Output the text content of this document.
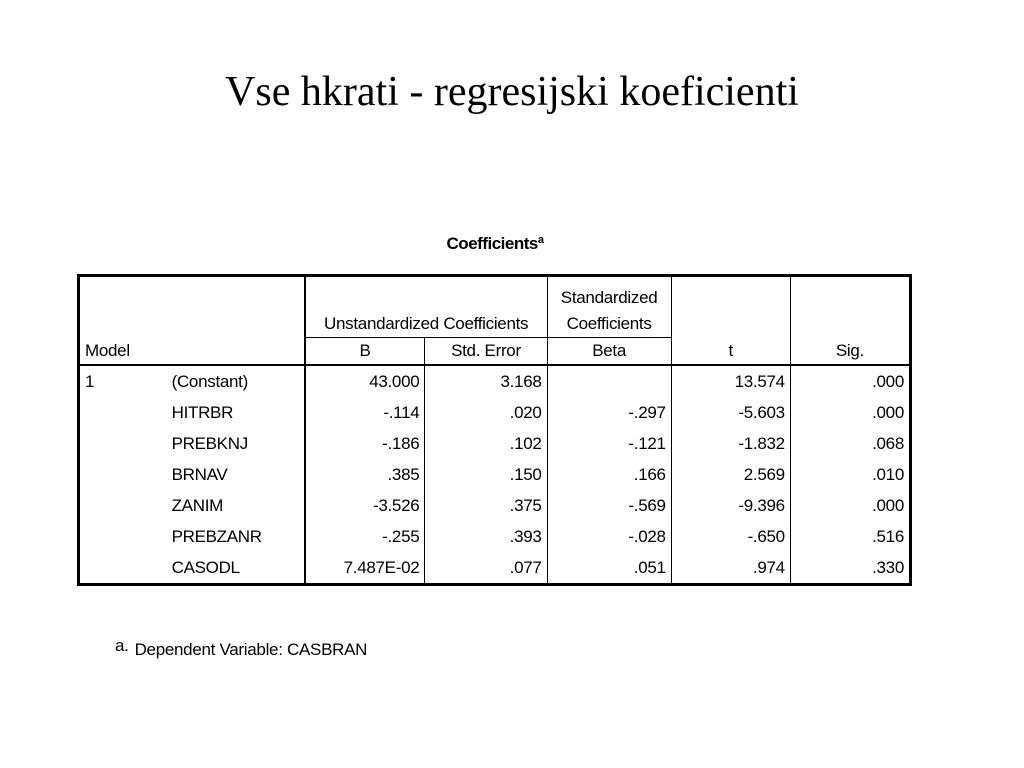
Vse hkrati - regresijski koeficienti
Coefficients$^a$
Model		Unstandardized Coefficients		Standardized Coefficients	t	Sig.
		B	Std. Error	Beta		
1	(Constant)	43.000	3.168		13.574	.000
	HITRBR	-.114	.020	-.297	-5.603	.000
	PREBKNJ	-.186	.102	-.121	-1.832	.068
	BRNAV	.385	.150	.166	2.569	.010
	ZANIM	-3.526	.375	-.569	-9.396	.000
	PREBZANR	-.255	.393	-.028	-.650	.516
	CASODL	7.487E-02	.077	.051	.974	.330
a. Dependent Variable: CASBRAN
